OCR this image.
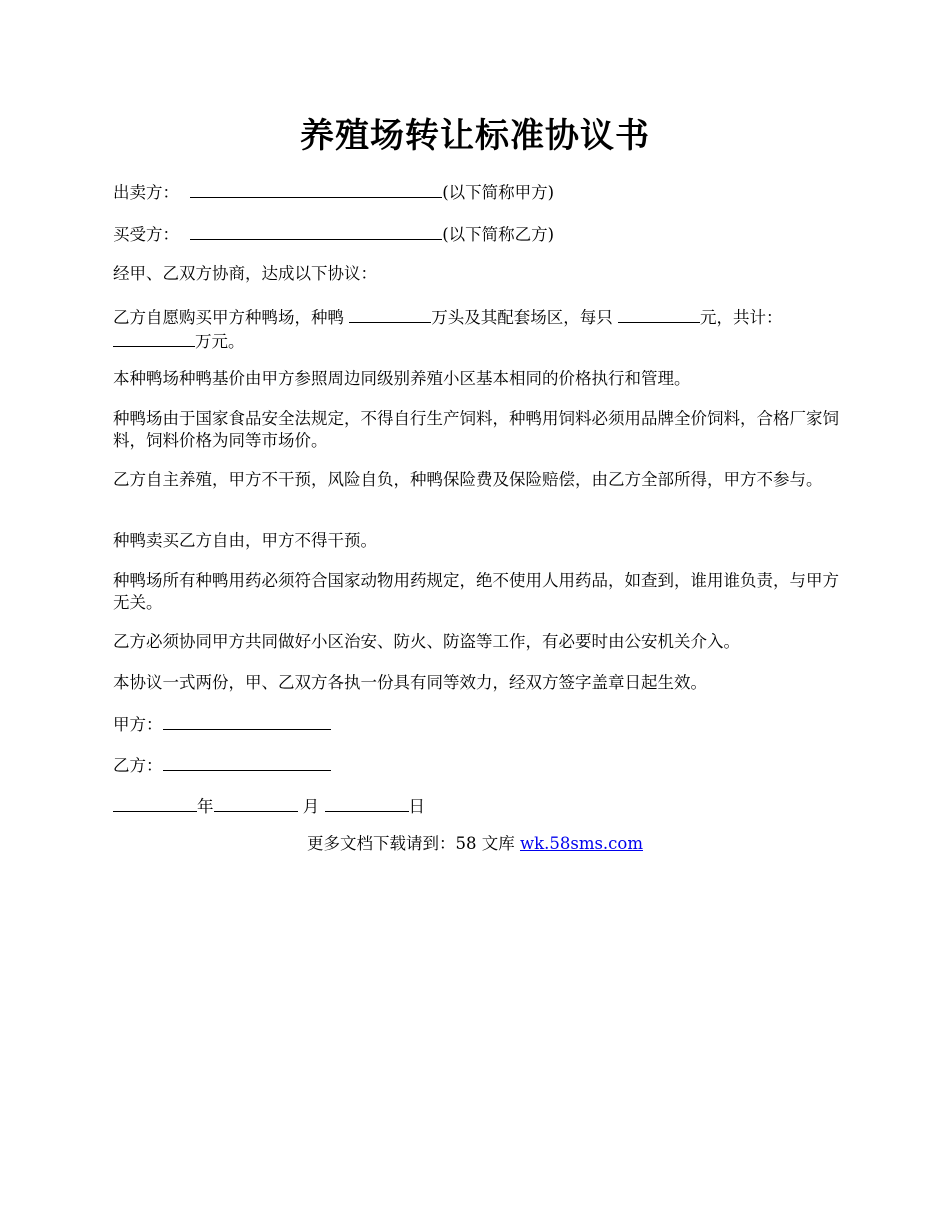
养殖场转让标准协议书
出卖方：	(以下简称甲方)
买受方：	(以下简称乙方)
经甲、乙双方协商，达成以下协议：
乙方自愿购买甲方种鸭场，种鸭	万头及其配套场区，每只	元，共计：
万元。
本种鸭场种鸭基价由甲方参照周边同级别养殖小区基本相同的价格执行和管理。
种鸭场由于国家食品安全法规定，不得自行生产饲料，种鸭用饲料必须用品牌全价饲料，合格厂家饲料，饲料价格为同等市场价。
乙方自主养殖，甲方不干预，风险自负，种鸭保险费及保险赔偿，由乙方全部所得，甲方不参与。
种鸭卖买乙方自由，甲方不得干预。
种鸭场所有种鸭用药必须符合国家动物用药规定，绝不使用人用药品，如查到，谁用谁负责，与甲方无关。
乙方必须协同甲方共同做好小区治安、防火、防盗等工作，有必要时由公安机关介入。
本协议一式两份，甲、乙双方各执一份具有同等效力，经双方签字盖章日起生效。
甲方：
乙方：
年	月	日
更多文档下载请到：58 文库 wk.58sms.com
